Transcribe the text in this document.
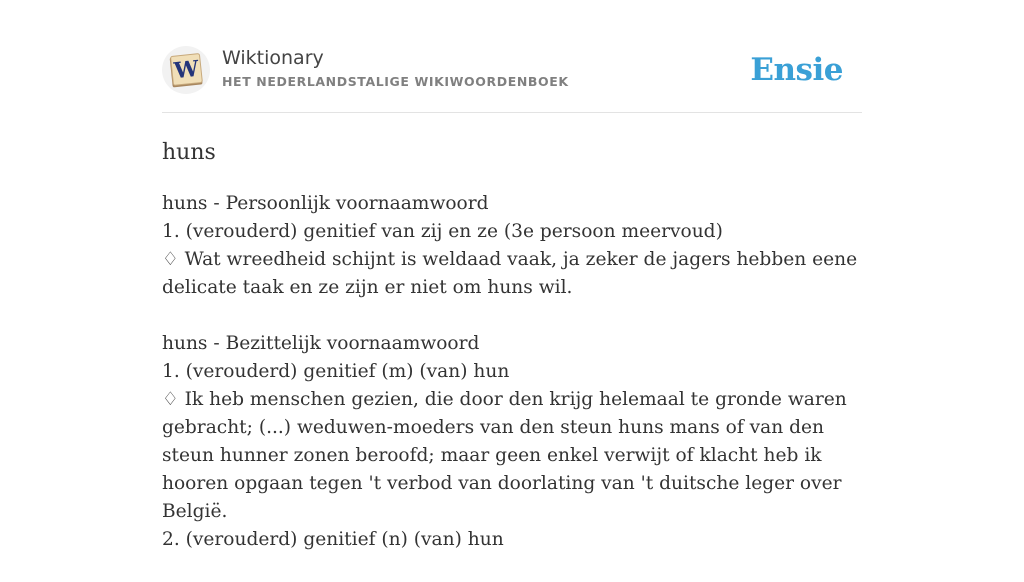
W Wiktionary
HET NEDERLANDSTALIGE WIKIWOORDENBOEK	Ensie
huns

huns - Persoonlijk voornaamwoord

1. (verouderd) genitief van zij en ze (3e persoon meervoud)

♢ Wat wreedheid schijnt is weldaad vaak, ja zeker de jagers hebben eene delicate taak en ze zijn er niet om huns wil.

huns - Bezittelijk voornaamwoord

1. (verouderd) genitief (m) (van) hun

♢ Ik heb menschen gezien, die door den krijg helemaal te gronde waren gebracht; (...) weduwen-moeders van den steun huns mans of van den steun hunner zonen beroofd; maar geen enkel verwijt of klacht heb ik hooren opgaan tegen 't verbod van doorlating van 't duitsche leger over België.

2. (verouderd) genitief (n) (van) hun
